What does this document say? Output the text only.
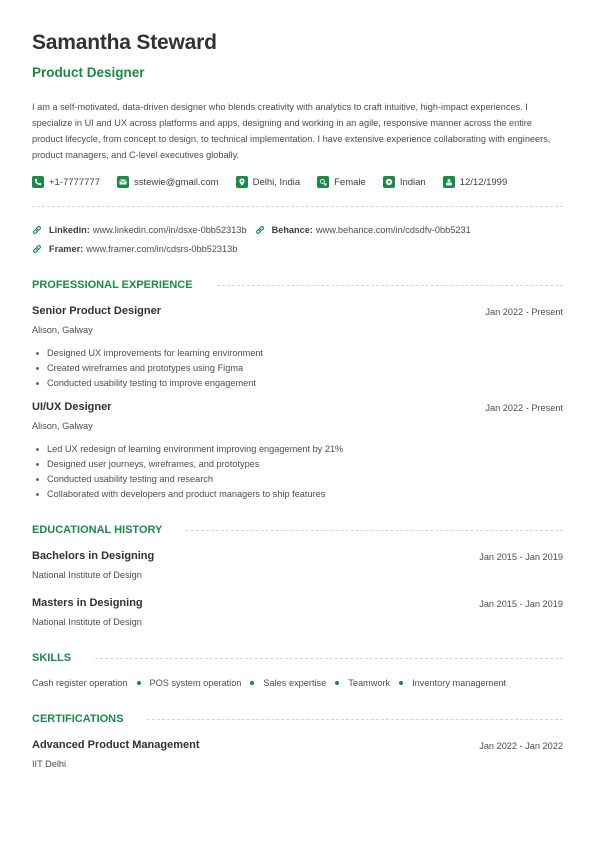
Samantha Steward
Product Designer
I am a self-motivated, data-driven designer who blends creativity with analytics to craft intuitive, high-impact experiences. I specialize in UI and UX across platforms and apps, designing and working in an agile, responsive manner across the entire product lifecycle, from concept to design, to technical implementation. I have extensive experience collaborating with engineers, product managers, and C-level executives globally.
+1-7777777	sstewie@gmail.com	Delhi, India	Female	Indian	12/12/1999
Linkedin: www.linkedin.com/in/dsxe-0bb52313b	Behance: www.behance.com/in/cdsdfv-0bb5231
Framer: www.framer.com/in/cdsrs-0bb52313b
PROFESSIONAL EXPERIENCE
Senior Product Designer	Jan 2022 - Present
Alison, Galway
Designed UX improvements for learning environment
Created wireframes and prototypes using Figma
Conducted usability testing to improve engagement
UI/UX Designer	Jan 2022 - Present
Alison, Galway
Led UX redesign of learning environment improving engagement by 21%
Designed user journeys, wireframes, and prototypes
Conducted usability testing and research
Collaborated with developers and product managers to ship features
EDUCATIONAL HISTORY
Bachelors in Designing	Jan 2015 - Jan 2019
National Institute of Design
Masters in Designing	Jan 2015 - Jan 2019
National Institute of Design
SKILLS
Cash register operation POS system operation Sales expertise Teamwork Inventory management
CERTIFICATIONS
Advanced Product Management	Jan 2022 - Jan 2022
IIT Delhi
